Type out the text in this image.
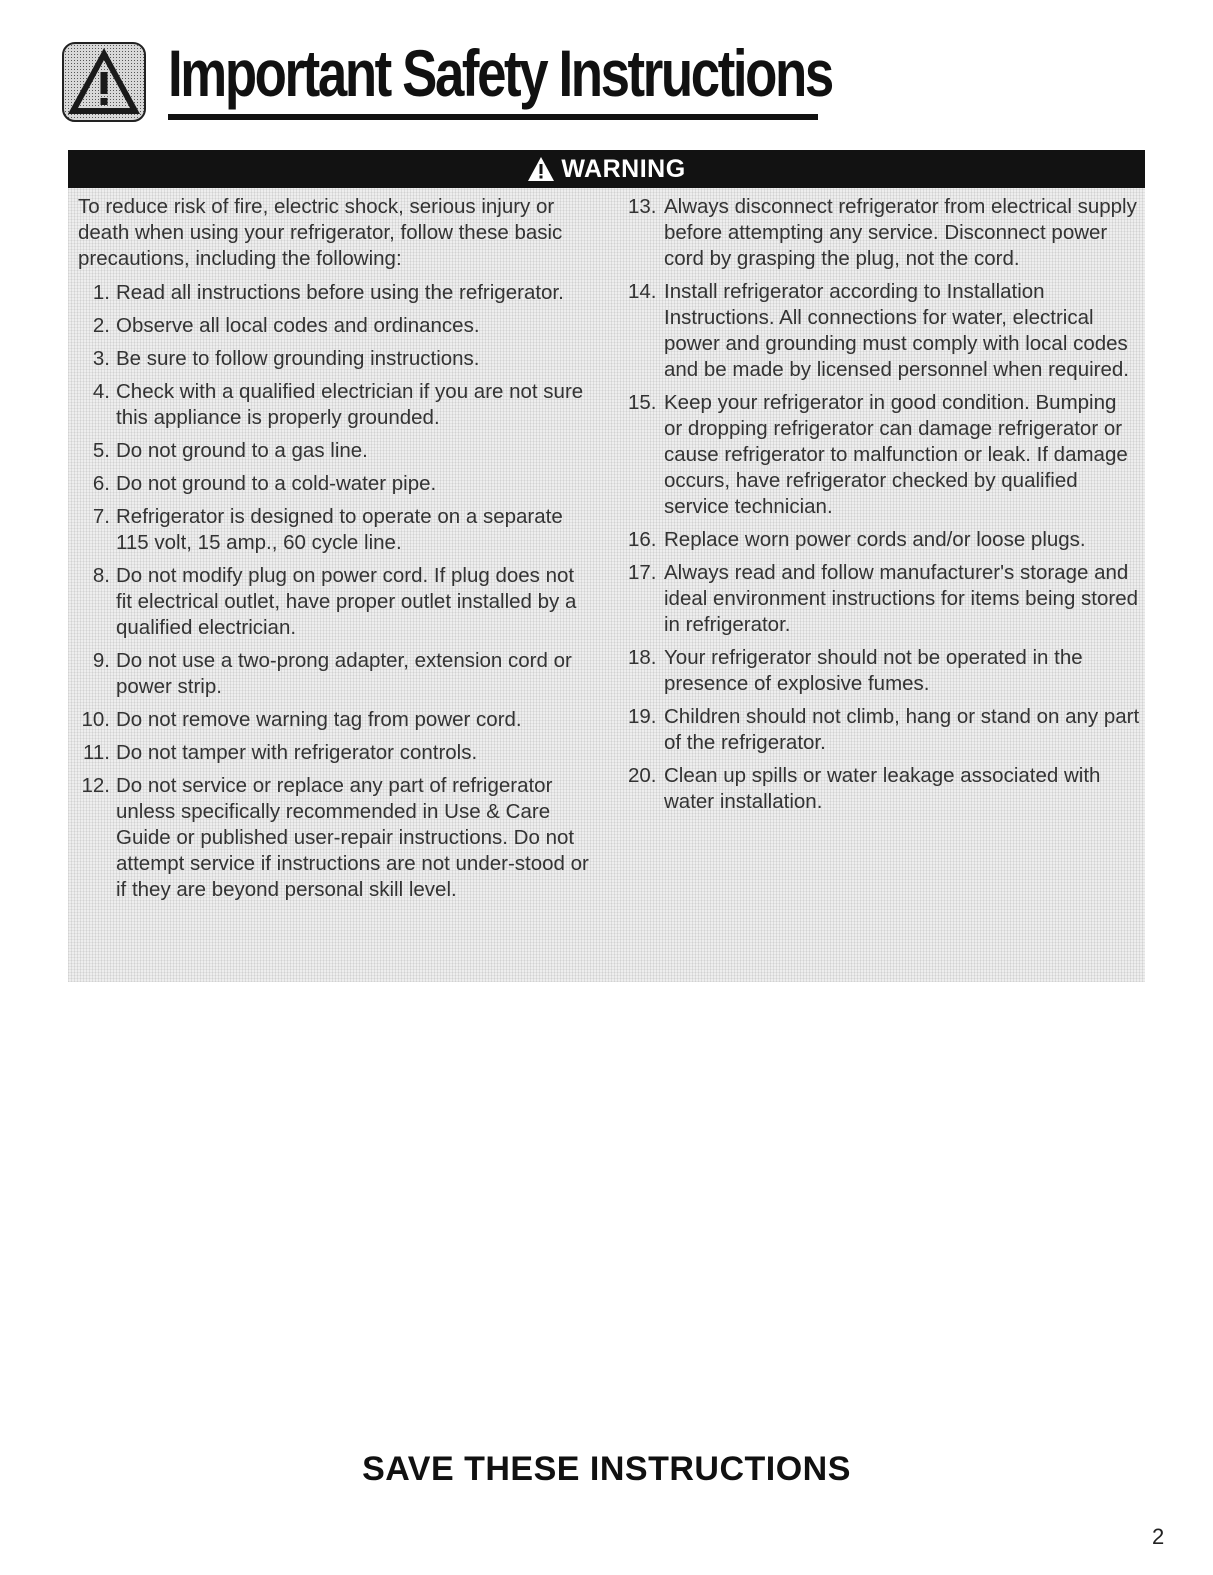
Important Safety Instructions
WARNING

To reduce risk of fire, electric shock, serious injury or death when using your refrigerator, follow these basic precautions, including the following:

1. Read all instructions before using the refrigerator.
2. Observe all local codes and ordinances.
3. Be sure to follow grounding instructions.
4. Check with a qualified electrician if you are not sure this appliance is properly grounded.
5. Do not ground to a gas line.
6. Do not ground to a cold-water pipe.
7. Refrigerator is designed to operate on a separate 115 volt, 15 amp., 60 cycle line.
8. Do not modify plug on power cord. If plug does not fit electrical outlet, have proper outlet installed by a qualified electrician.
9. Do not use a two-prong adapter, extension cord or power strip.
10. Do not remove warning tag from power cord.
11. Do not tamper with refrigerator controls.
12. Do not service or replace any part of refrigerator unless specifically recommended in Use & Care Guide or published user-repair instructions. Do not attempt service if instructions are not under-stood or if they are beyond personal skill level.
13. Always disconnect refrigerator from electrical supply before attempting any service. Disconnect power cord by grasping the plug, not the cord.
14. Install refrigerator according to Installation Instructions. All connections for water, electrical power and grounding must comply with local codes and be made by licensed personnel when required.
15. Keep your refrigerator in good condition. Bumping or dropping refrigerator can damage refrigerator or cause refrigerator to malfunction or leak. If damage occurs, have refrigerator checked by qualified service technician.
16. Replace worn power cords and/or loose plugs.
17. Always read and follow manufacturer's storage and ideal environment instructions for items being stored in refrigerator.
18. Your refrigerator should not be operated in the presence of explosive fumes.
19. Children should not climb, hang or stand on any part of the refrigerator.
20. Clean up spills or water leakage associated with water installation.
SAVE THESE INSTRUCTIONS
2
